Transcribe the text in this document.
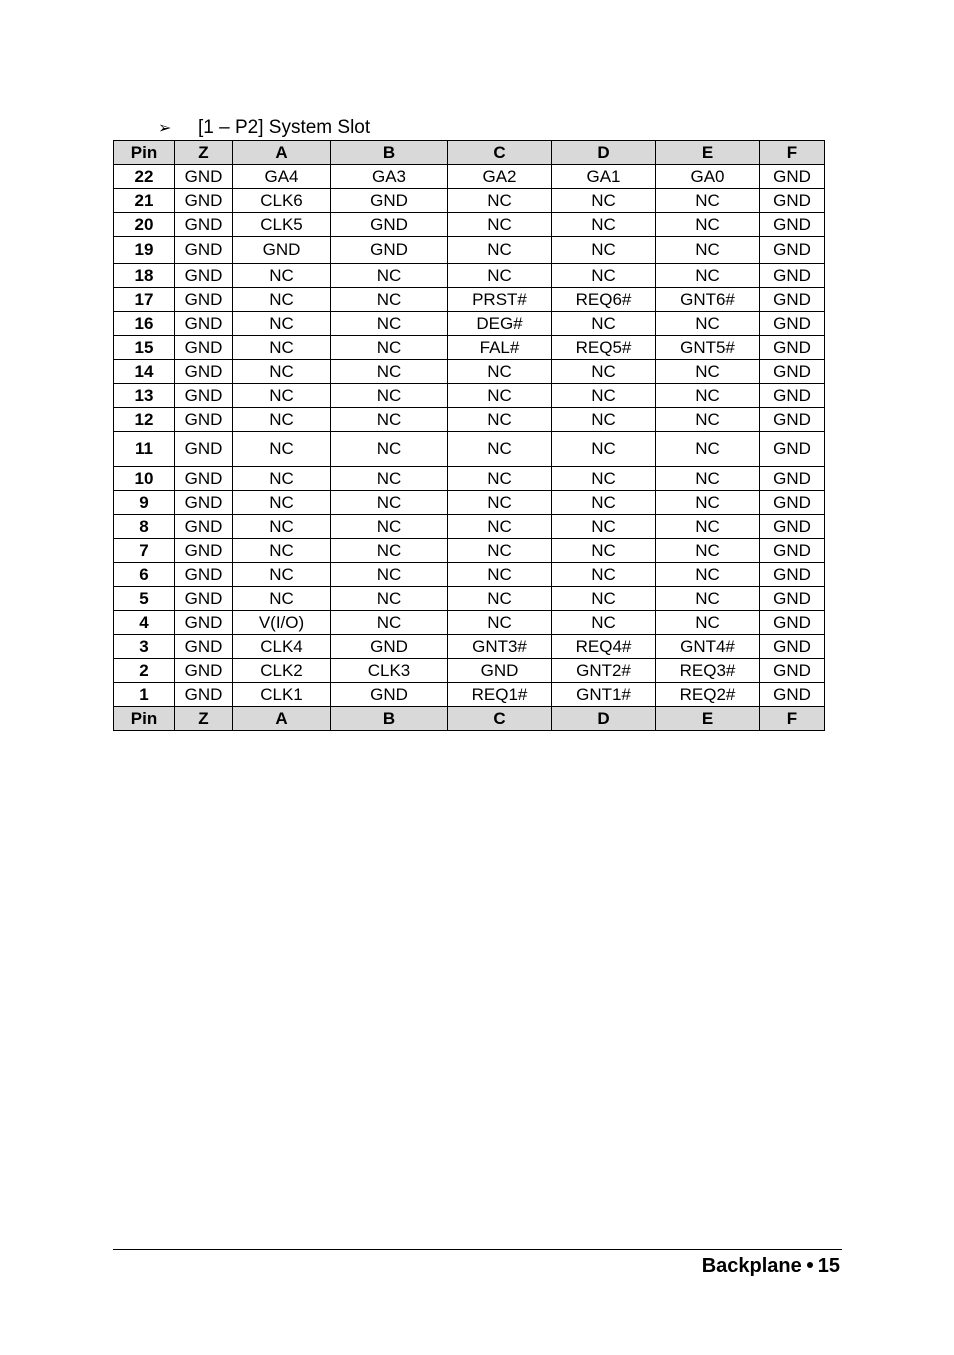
➢ [1 – P2] System Slot
Pin	Z	A	B	C	D	E	F
22	GND	GA4	GA3	GA2	GA1	GA0	GND
21	GND	CLK6	GND	NC	NC	NC	GND
20	GND	CLK5	GND	NC	NC	NC	GND
19	GND	GND	GND	NC	NC	NC	GND
18	GND	NC	NC	NC	NC	NC	GND
17	GND	NC	NC	PRST#	REQ6#	GNT6#	GND
16	GND	NC	NC	DEG#	NC	NC	GND
15	GND	NC	NC	FAL#	REQ5#	GNT5#	GND
14	GND	NC	NC	NC	NC	NC	GND
13	GND	NC	NC	NC	NC	NC	GND
12	GND	NC	NC	NC	NC	NC	GND
11	GND	NC	NC	NC	NC	NC	GND
10	GND	NC	NC	NC	NC	NC	GND
9	GND	NC	NC	NC	NC	NC	GND
8	GND	NC	NC	NC	NC	NC	GND
7	GND	NC	NC	NC	NC	NC	GND
6	GND	NC	NC	NC	NC	NC	GND
5	GND	NC	NC	NC	NC	NC	GND
4	GND	V(I/O)	NC	NC	NC	NC	GND
3	GND	CLK4	GND	GNT3#	REQ4#	GNT4#	GND
2	GND	CLK2	CLK3	GND	GNT2#	REQ3#	GND
1	GND	CLK1	GND	REQ1#	GNT1#	REQ2#	GND
Pin	Z	A	B	C	D	E	F
Backplane 15
